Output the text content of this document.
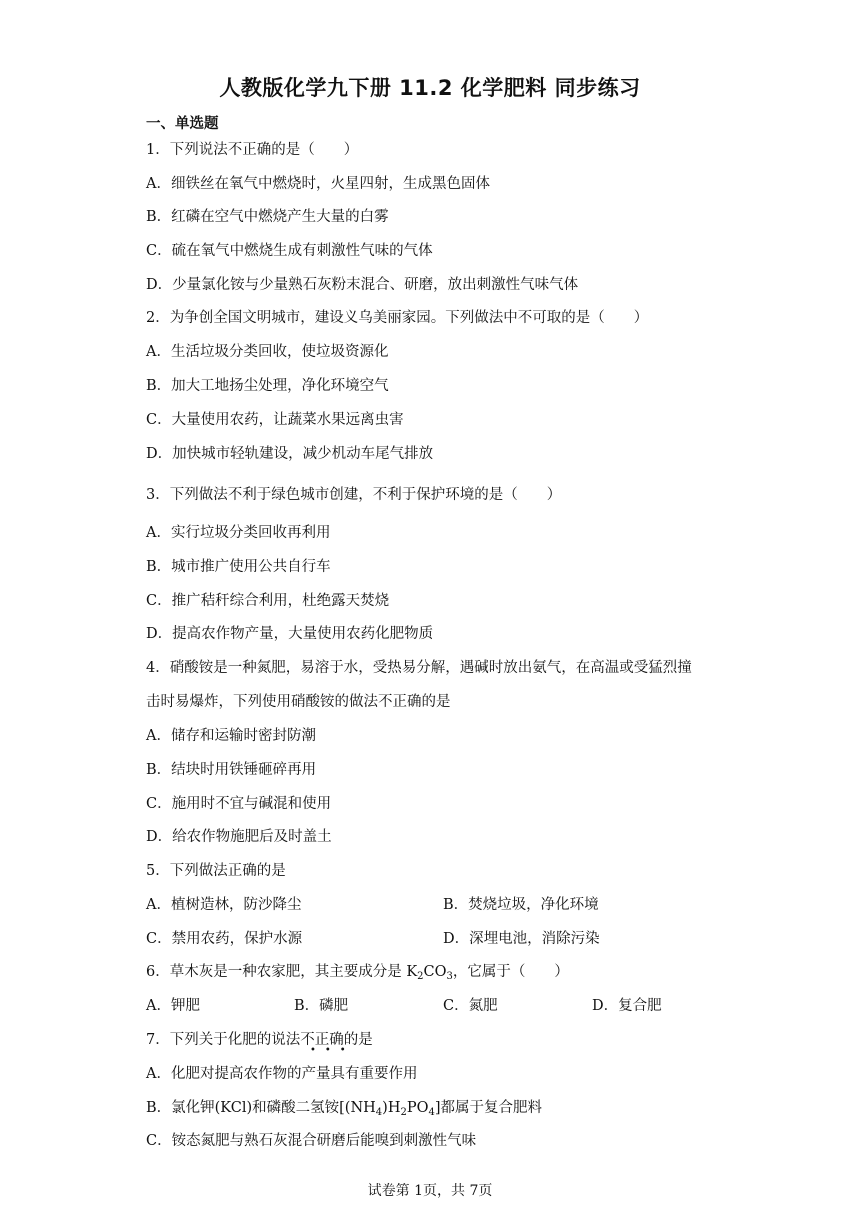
人教版化学九下册 11.2 化学肥料 同步练习
一、单选题
1．下列说法不正确的是（　　）
A．细铁丝在氧气中燃烧时，火星四射，生成黑色固体
B．红磷在空气中燃烧产生大量的白雾
C．硫在氧气中燃烧生成有刺激性气味的气体
D．少量氯化铵与少量熟石灰粉末混合、研磨，放出刺激性气味气体
2．为争创全国文明城市，建设义乌美丽家园。下列做法中不可取的是（　　）
A．生活垃圾分类回收，使垃圾资源化
B．加大工地扬尘处理，净化环境空气
C．大量使用农药，让蔬菜水果远离虫害
D．加快城市轻轨建设，减少机动车尾气排放
3．下列做法不利于绿色城市创建，不利于保护环境的是（　　）
A．实行垃圾分类回收再利用
B．城市推广使用公共自行车
C．推广秸秆综合利用，杜绝露天焚烧
D．提高农作物产量，大量使用农药化肥物质
4．硝酸铵是一种氮肥，易溶于水，受热易分解，遇碱时放出氨气，在高温或受猛烈撞
击时易爆炸，下列使用硝酸铵的做法不正确的是
A．储存和运输时密封防潮
B．结块时用铁锤砸碎再用
C．施用时不宜与碱混和使用
D．给农作物施肥后及时盖土
5．下列做法正确的是
A．植树造林，防沙降尘	B．焚烧垃圾，净化环境
C．禁用农药，保护水源	D．深埋电池，消除污染
6．草木灰是一种农家肥，其主要成分是 $K_2CO_3$，它属于（　　）
A．钾肥	B．磷肥	C．氮肥	D．复合肥
7．下列关于化肥的说法不正确的是
•••
A．化肥对提高农作物的产量具有重要作用
B．氯化钾(KCl)和磷酸二氢铵$[(NH_4)H_2PO_4]$都属于复合肥料
C．铵态氮肥与熟石灰混合研磨后能嗅到刺激性气味
试卷第 1页，共 7页
